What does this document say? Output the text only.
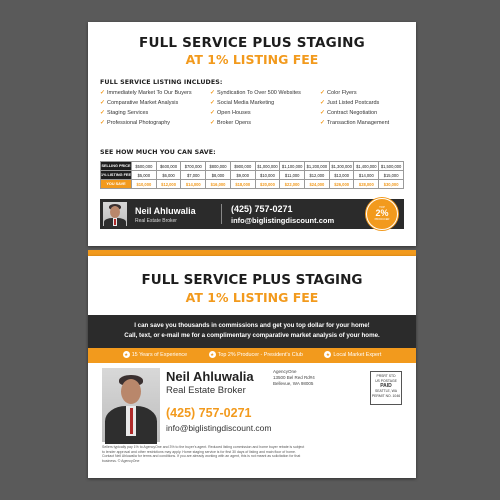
FULL SERVICE PLUS STAGING
AT 1% LISTING FEE
FULL SERVICE LISTING INCLUDES:
✓ Immediately Market To Our Buyers	✓ Syndication To Over 500 Websites	✓ Color Flyers
✓ Comparative Market Analysis	✓ Social Media Marketing	✓ Just Listed Postcards
✓ Staging Services	✓ Open Houses	✓ Contract Negotiation
✓ Professional Photography	✓ Broker Opens	✓ Transaction Management
SEE HOW MUCH YOU CAN SAVE:
SELLING PRICE	$500,000	$600,000	$700,000	$800,000	$900,000	$1,000,000	$1,100,000	$1,200,000	$1,300,000	$1,400,000	$1,500,000
1% LISTING FEE	$5,000	$6,000	$7,000	$8,000	$9,000	$10,000	$11,000	$12,000	$13,000	$14,000	$15,000
YOU SAVE	$10,000	$12,000	$14,000	$16,000	$18,000	$20,000	$22,000	$24,000	$26,000	$28,000	$30,000
Neil Ahluwalia
Real Estate Broker
(425) 757-0271
info@biglistingdiscount.com
TOP
2%
PRODUCER
FULL SERVICE PLUS STAGING
AT 1% LISTING FEE
I can save you thousands in commissions and get you top dollar for your home!
Call, text, or e-mail me for a complimentary comparative market analysis of your home.
★ 15 Years of Experience	★ Top 2% Producer - President's Club	★ Local Market Expert
Neil Ahluwalia
Real Estate Broker
(425) 757-0271
info@biglistingdiscount.com
AgencyOne
13500 Bel Red Rd#4
Bellevue, WA 98005
PRSRT STD
US POSTAGE
PAID
SEATTLE, WA
PERMIT NO. 1046
Sellers typically pay 1% to AgencyOne and 3% to the buyer's agent. Reduced listing commission and home buyer rebate is subject to lender approval and other restrictions may apply. Home staging service is for first 30 days of listing and main floor of home. Contact Neil Ahluwalia for terms and conditions. If you are already working with an agent, this is not meant as solicitation for that business. © AgencyOne
